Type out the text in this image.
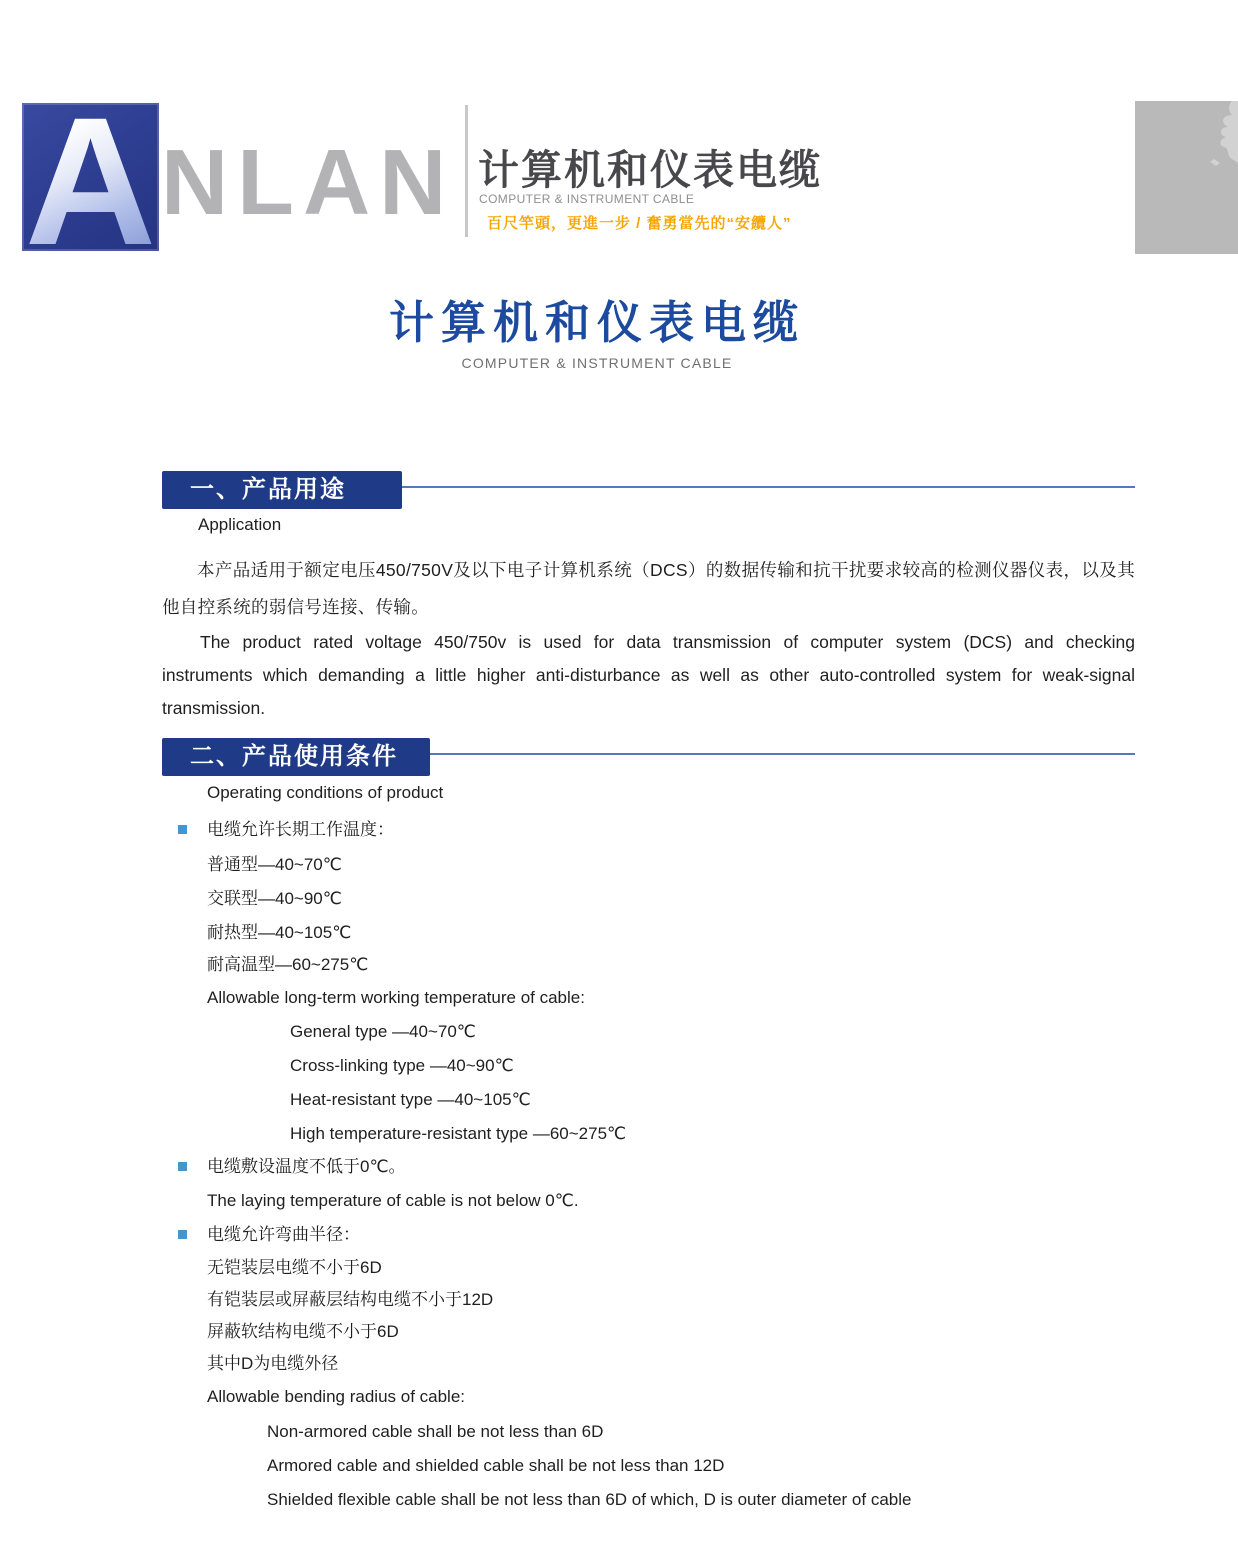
A NLAN 计算机和仪表电缆
COMPUTER & INSTRUMENT CABLE
百尺竿頭，更進一步 / 奮勇當先的“安纜人”
计算机和仪表电缆
COMPUTER & INSTRUMENT CABLE
一、产品用途
Application

本产品适用于额定电压450/750V及以下电子计算机系统（DCS）的数据传输和抗干扰要求较高的检测仪器仪表，以及其他自控系统的弱信号连接、传输。

The product rated voltage 450/750v is used for data transmission of computer system (DCS) and checking instruments which demanding a little higher anti-disturbance as well as other auto-controlled system for weak-signal transmission.

二、产品使用条件
Operating conditions of product
电缆允许长期工作温度：
普通型—40~70℃
交联型—40~90℃
耐热型—40~105℃
耐高温型—60~275℃
Allowable long-term working temperature of cable:
General type —40~70℃
Cross-linking type —40~90℃
Heat-resistant type —40~105℃
High temperature-resistant type —60~275℃
电缆敷设温度不低于0℃。
The laying temperature of cable is not below 0℃.
电缆允许弯曲半径：
无铠装层电缆不小于6D
有铠装层或屏蔽层结构电缆不小于12D
屏蔽软结构电缆不小于6D
其中D为电缆外径
Allowable bending radius of cable:
Non-armored cable shall be not less than 6D
Armored cable and shielded cable shall be not less than 12D
Shielded flexible cable shall be not less than 6D of which, D is outer diameter of cable
